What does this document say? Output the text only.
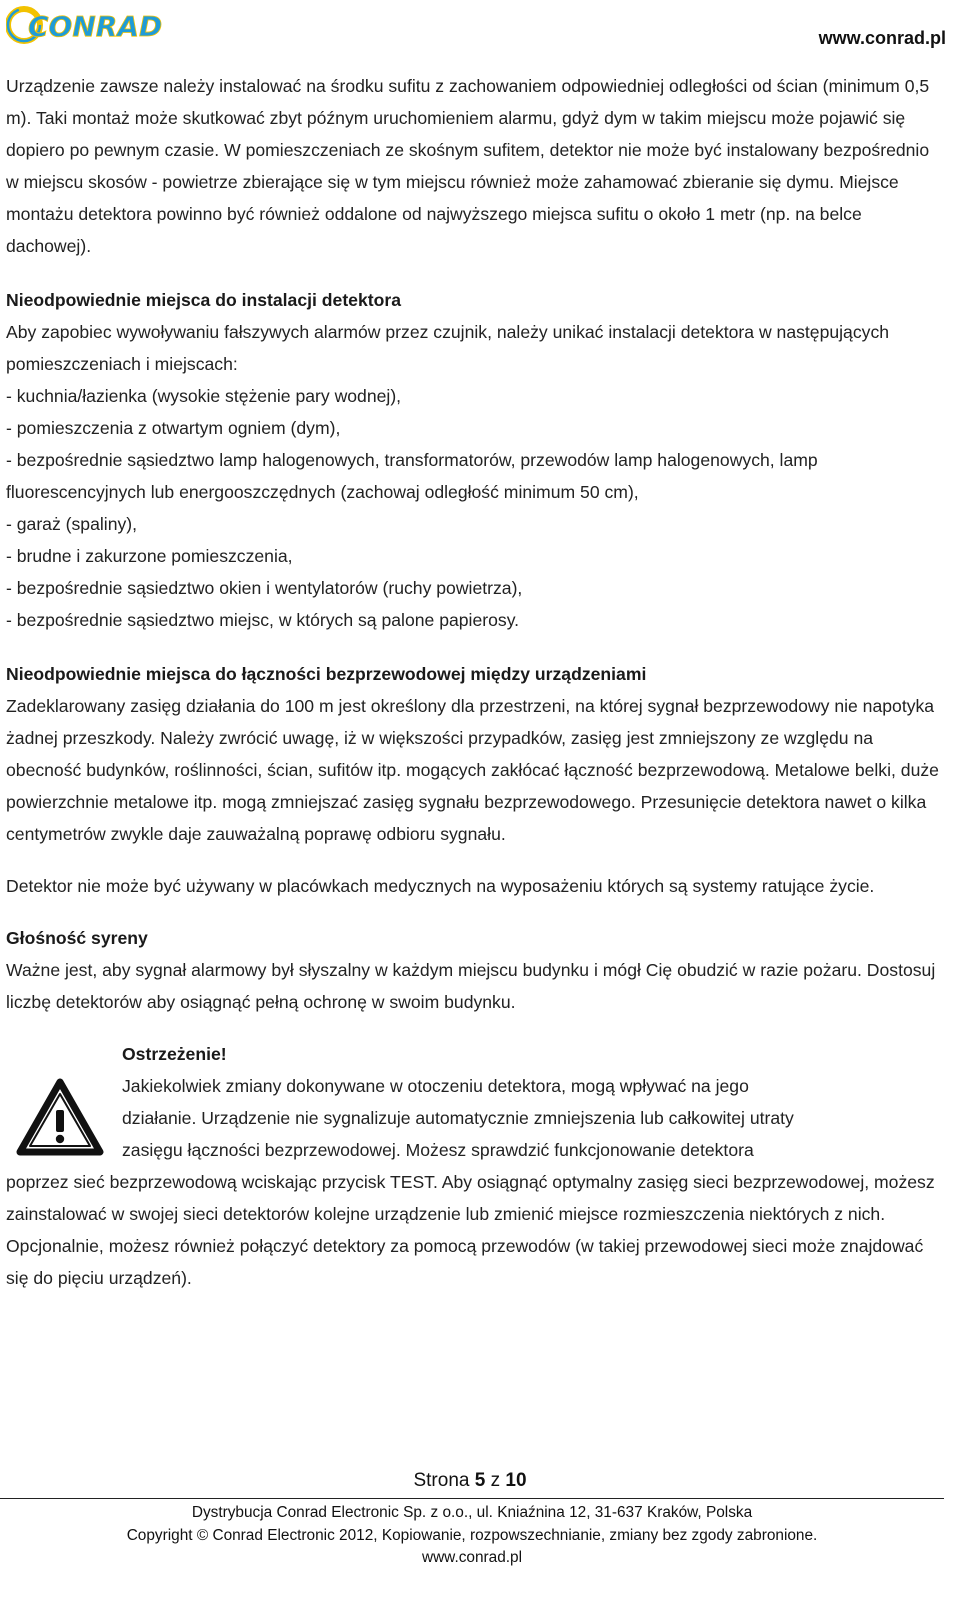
CONRAD	www.conrad.pl

Urządzenie zawsze należy instalować na środku sufitu z zachowaniem odpowiedniej odległości od ścian (minimum 0,5 m). Taki montaż może skutkować zbyt późnym uruchomieniem alarmu, gdyż dym w takim miejscu może pojawić się dopiero po pewnym czasie. W pomieszczeniach ze skośnym sufitem, detektor nie może być instalowany bezpośrednio w miejscu skosów - powietrze zbierające się w tym miejscu również może zahamować zbieranie się dymu. Miejsce montażu detektora powinno być również oddalone od najwyższego miejsca sufitu o około 1 metr (np. na belce dachowej).

Nieodpowiednie miejsca do instalacji detektora

Aby zapobiec wywoływaniu fałszywych alarmów przez czujnik, należy unikać instalacji detektora w następujących pomieszczeniach i miejscach:

- kuchnia/łazienka (wysokie stężenie pary wodnej),

- pomieszczenia z otwartym ogniem (dym),

- bezpośrednie sąsiedztwo lamp halogenowych, transformatorów, przewodów lamp halogenowych, lamp fluorescencyjnych lub energooszczędnych (zachowaj odległość minimum 50 cm),

- garaż (spaliny),

- brudne i zakurzone pomieszczenia,

- bezpośrednie sąsiedztwo okien i wentylatorów (ruchy powietrza),

- bezpośrednie sąsiedztwo miejsc, w których są palone papierosy.

Nieodpowiednie miejsca do łączności bezprzewodowej między urządzeniami

Zadeklarowany zasięg działania do 100 m jest określony dla przestrzeni, na której sygnał bezprzewodowy nie napotyka żadnej przeszkody. Należy zwrócić uwagę, iż w większości przypadków, zasięg jest zmniejszony ze względu na obecność budynków, roślinności, ścian, sufitów itp. mogących zakłócać łączność bezprzewodową. Metalowe belki, duże powierzchnie metalowe itp. mogą zmniejszać zasięg sygnału bezprzewodowego. Przesunięcie detektora nawet o kilka centymetrów zwykle daje zauważalną poprawę odbioru sygnału.

Detektor nie może być używany w placówkach medycznych na wyposażeniu których są systemy ratujące życie.

Głośność syreny

Ważne jest, aby sygnał alarmowy był słyszalny w każdym miejscu budynku i mógł Cię obudzić w razie pożaru. Dostosuj liczbę detektorów aby osiągnąć pełną ochronę w swoim budynku.

Ostrzeżenie!

Jakiekolwiek zmiany dokonywane w otoczeniu detektora, mogą wpływać na jego

działanie. Urządzenie nie sygnalizuje automatycznie zmniejszenia lub całkowitej utraty

zasięgu łączności bezprzewodowej. Możesz sprawdzić funkcjonowanie detektora

poprzez sieć bezprzewodową wciskając przycisk TEST. Aby osiągnąć optymalny zasięg sieci bezprzewodowej, możesz zainstalować w swojej sieci detektorów kolejne urządzenie lub zmienić miejsce rozmieszczenia niektórych z nich. Opcjonalnie, możesz również połączyć detektory za pomocą przewodów (w takiej przewodowej sieci może znajdować się do pięciu urządzeń).

Strona 5 z 10
Dystrybucja Conrad Electronic Sp. z o.o., ul. Kniaźnina 12, 31-637 Kraków, Polska
Copyright © Conrad Electronic 2012, Kopiowanie, rozpowszechnianie, zmiany bez zgody zabronione.
www.conrad.pl
